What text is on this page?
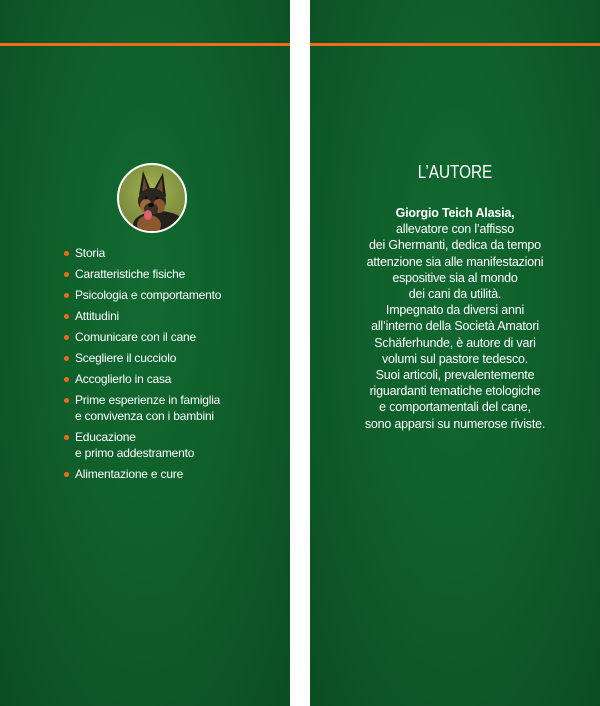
Storia
Caratteristiche fisiche
Psicologia e comportamento
Attitudini
Comunicare con il cane
Scegliere il cucciolo
Accoglierlo in casa
Prime esperienze in famiglia
e convivenza con i bambini
Educazione
e primo addestramento
Alimentazione e cure
L’AUTORE
Giorgio Teich Alasia,
allevatore con l’affisso
dei Ghermanti, dedica da tempo
attenzione sia alle manifestazioni
espositive sia al mondo
dei cani da utilità.
Impegnato da diversi anni
all’interno della Società Amatori
Schäferhunde, è autore di vari
volumi sul pastore tedesco.
Suoi articoli, prevalentemente
riguardanti tematiche etologiche
e comportamentali del cane,
sono apparsi su numerose riviste.
